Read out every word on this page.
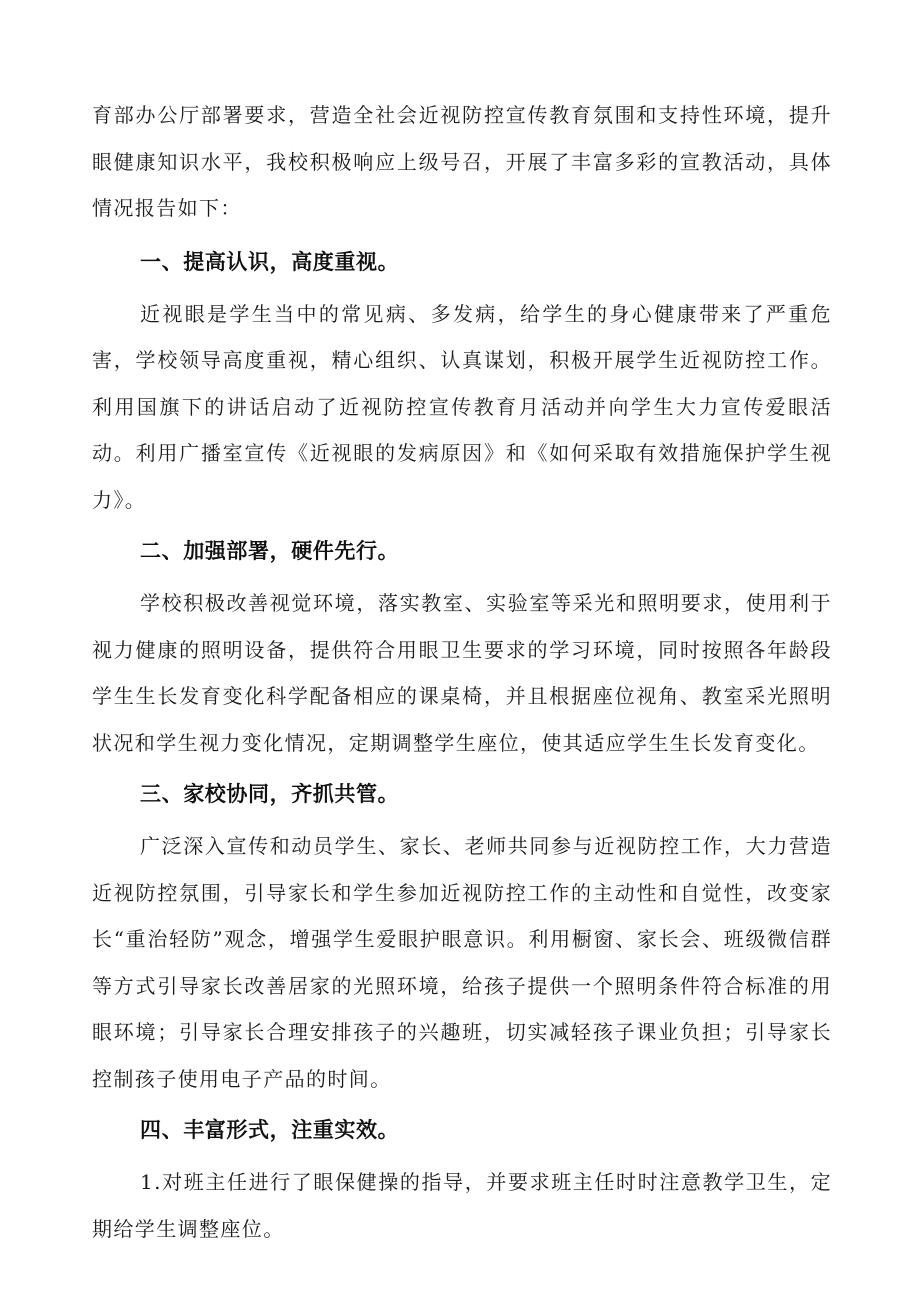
育部办公厅部署要求，营造全社会近视防控宣传教育氛围和支持性环境，提升眼健康知识水平，我校积极响应上级号召，开展了丰富多彩的宣教活动，具体情况报告如下：

一、提高认识，高度重视。

近视眼是学生当中的常见病、多发病，给学生的身心健康带来了严重危害，学校领导高度重视，精心组织、认真谋划，积极开展学生近视防控工作。利用国旗下的讲话启动了近视防控宣传教育月活动并向学生大力宣传爱眼活动。利用广播室宣传《近视眼的发病原因》和《如何采取有效措施保护学生视力》。

二、加强部署，硬件先行。

学校积极改善视觉环境，落实教室、实验室等采光和照明要求，使用利于视力健康的照明设备，提供符合用眼卫生要求的学习环境，同时按照各年龄段学生生长发育变化科学配备相应的课桌椅，并且根据座位视角、教室采光照明状况和学生视力变化情况，定期调整学生座位，使其适应学生生长发育变化。

三、家校协同，齐抓共管。

广泛深入宣传和动员学生、家长、老师共同参与近视防控工作，大力营造近视防控氛围，引导家长和学生参加近视防控工作的主动性和自觉性，改变家长“重治轻防”观念，增强学生爱眼护眼意识。利用橱窗、家长会、班级微信群等方式引导家长改善居家的光照环境，给孩子提供一个照明条件符合标准的用眼环境；引导家长合理安排孩子的兴趣班，切实减轻孩子课业负担；引导家长控制孩子使用电子产品的时间。

四、丰富形式，注重实效。

1.对班主任进行了眼保健操的指导，并要求班主任时时注意教学卫生，定期给学生调整座位。
